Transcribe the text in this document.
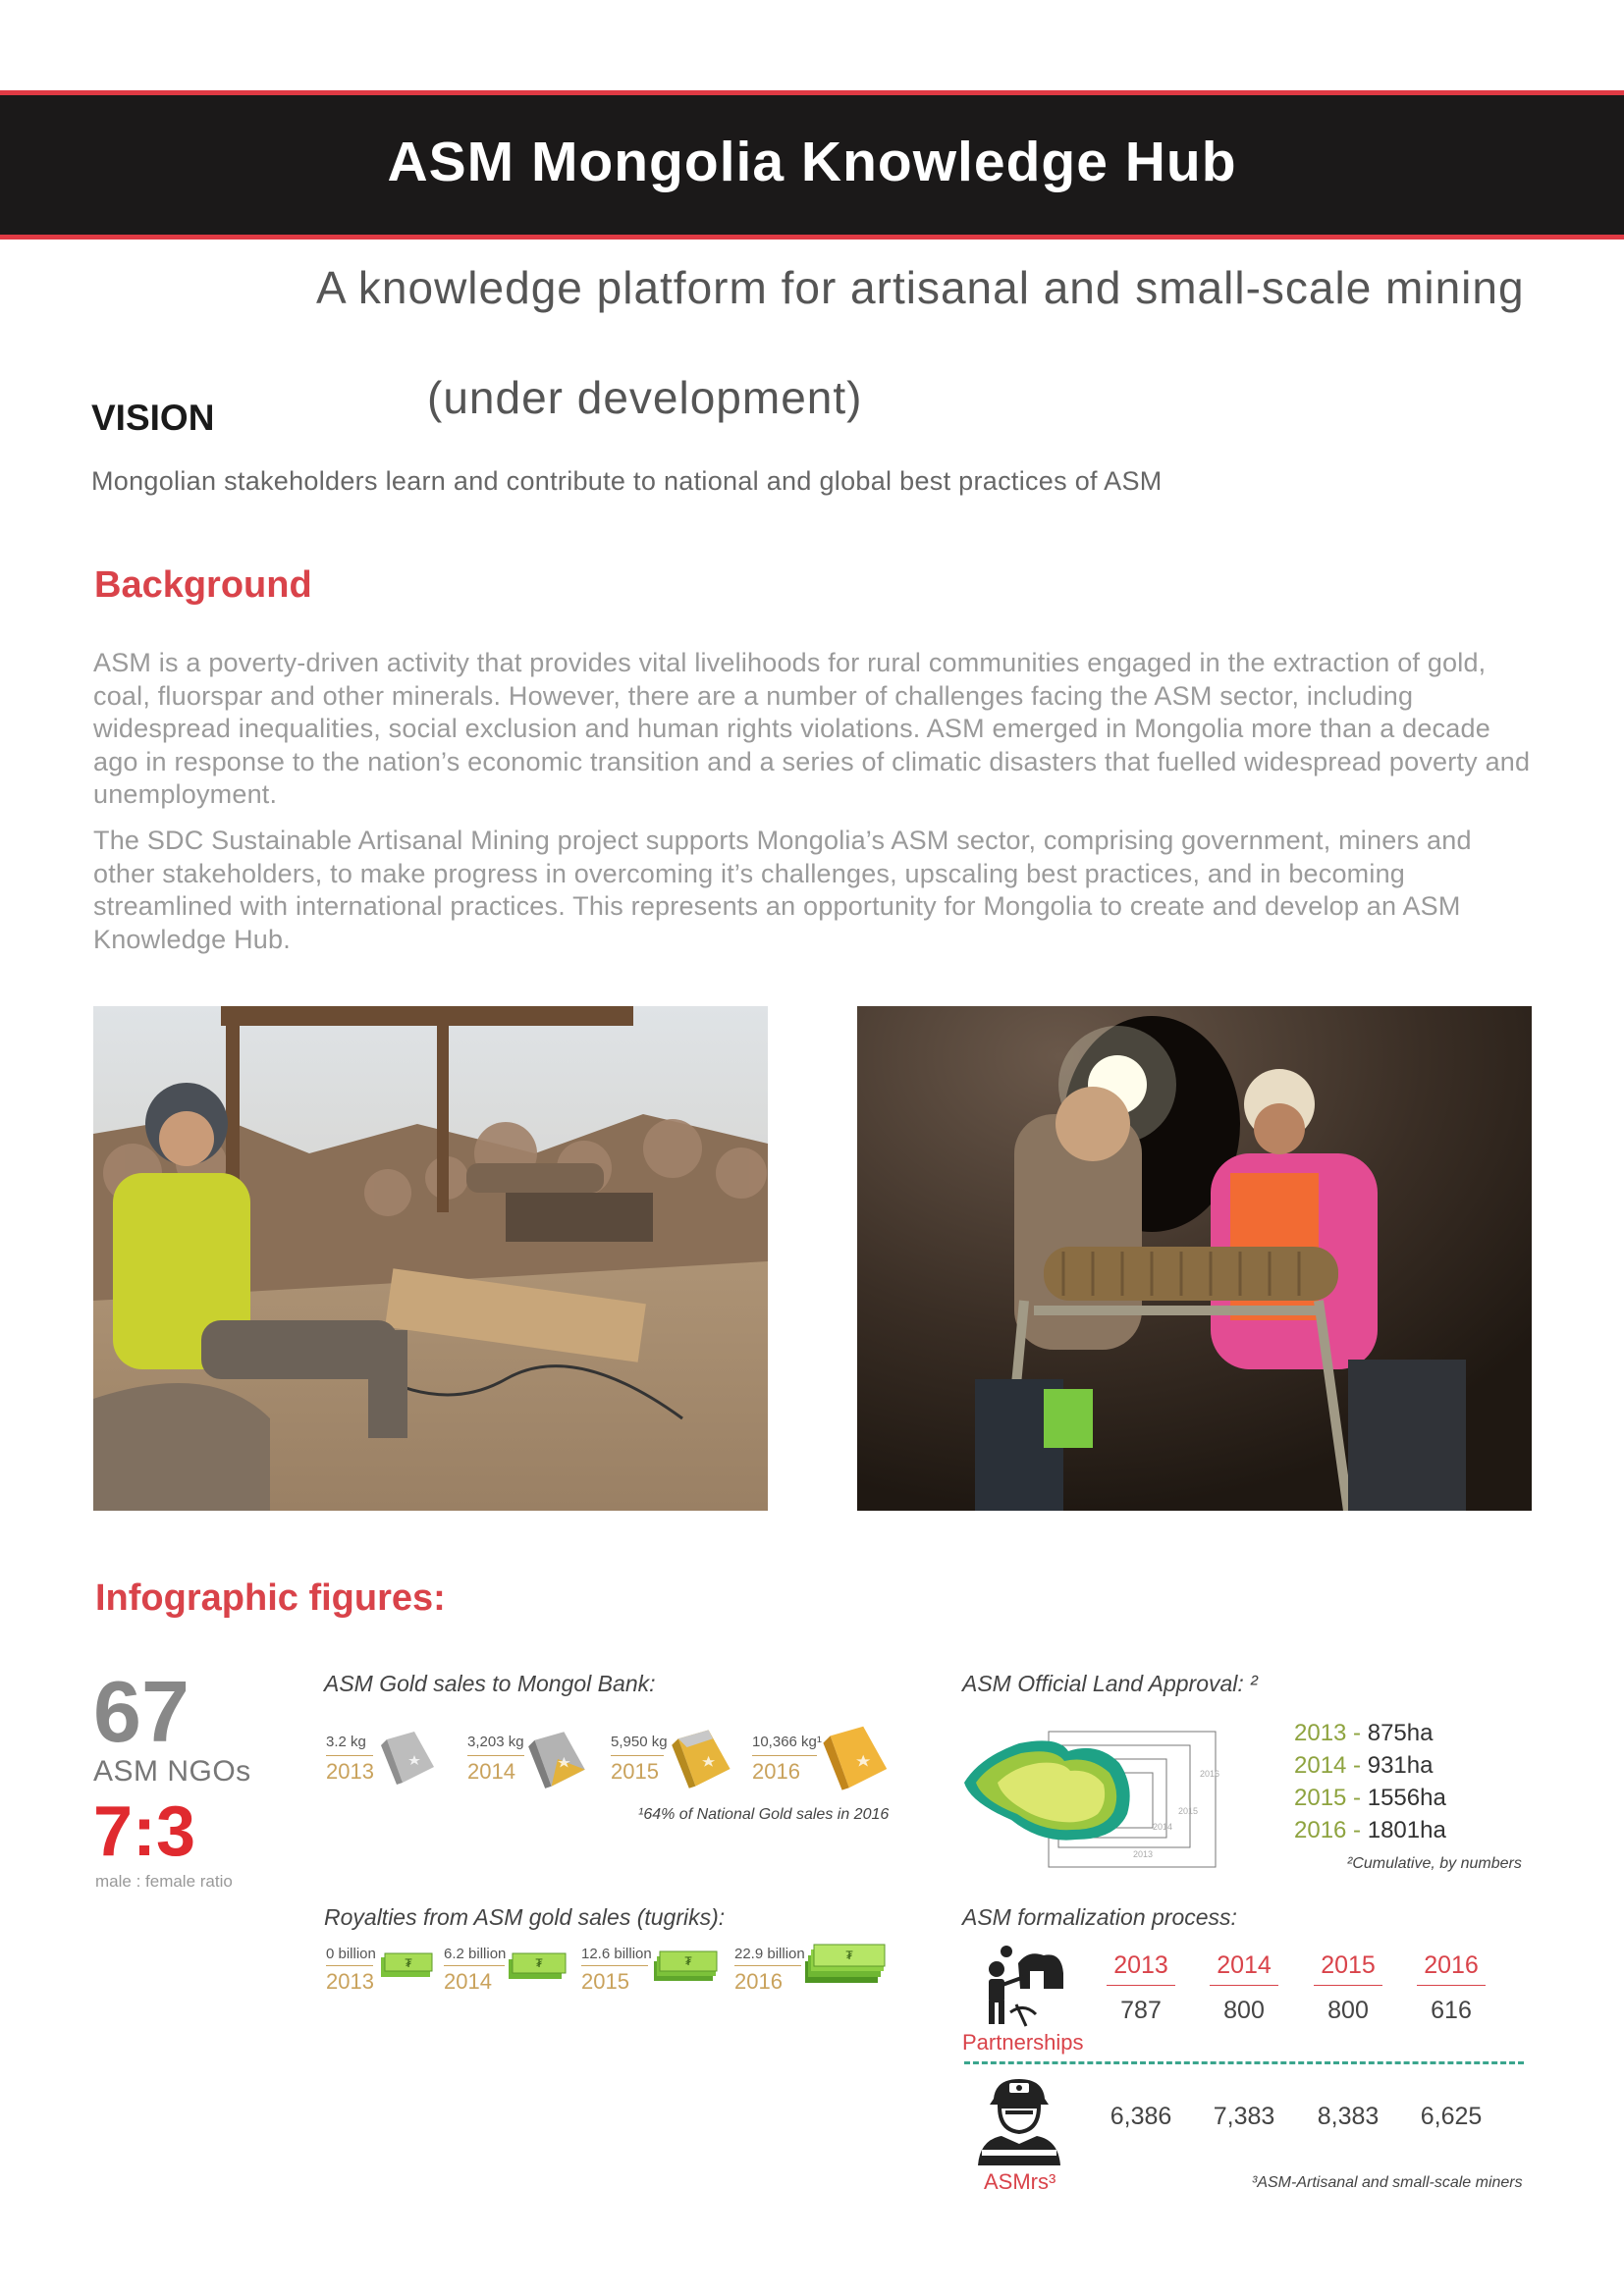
ASM Mongolia Knowledge Hub
A knowledge platform for artisanal and small-scale mining
(under development)
VISION
Mongolian stakeholders learn and contribute to national and global best practices of ASM
Background
ASM is a poverty-driven activity that provides vital livelihoods for rural communities engaged in the extraction of gold, coal, fluorspar and other minerals. However, there are a number of challenges facing the ASM sector, including widespread inequalities, social exclusion and human rights violations. ASM emerged in Mongolia more than a decade ago in response to the nation’s economic transition and a series of climatic disasters that fuelled widespread poverty and unemployment.
The SDC Sustainable Artisanal Mining project supports Mongolia’s ASM sector, comprising government, miners and other stakeholders, to make progress in overcoming it’s challenges, upscaling best practices, and in becoming streamlined with international practices. This represents an opportunity for Mongolia to create and develop an ASM Knowledge Hub.
Infographic figures:
67
ASM NGOs
7:3
male : female ratio
ASM Gold sales to Mongol Bank:
3.2 kg
2013
3,203 kg
2014
5,950 kg
2015
10,366 kg¹
2016
¹64% of National Gold sales in 2016
ASM Official Land Approval: ²
2013
2014
2015
2016
2013 - 875ha
2014 - 931ha
2015 - 1556ha
2016 - 1801ha
²Cumulative, by numbers
Royalties from ASM gold sales (tugriks):
0 billion
2013
₮
6.2 billion
2014
₮
12.6 billion
2015
₮	22.9 billion
2016
₮
ASM formalization process:
Partnerships
2013 2014 2015 2016
787	800	800	616
ASMrs³
6,386	7,383	8,383	6,625
³ASM-Artisanal and small-scale miners
